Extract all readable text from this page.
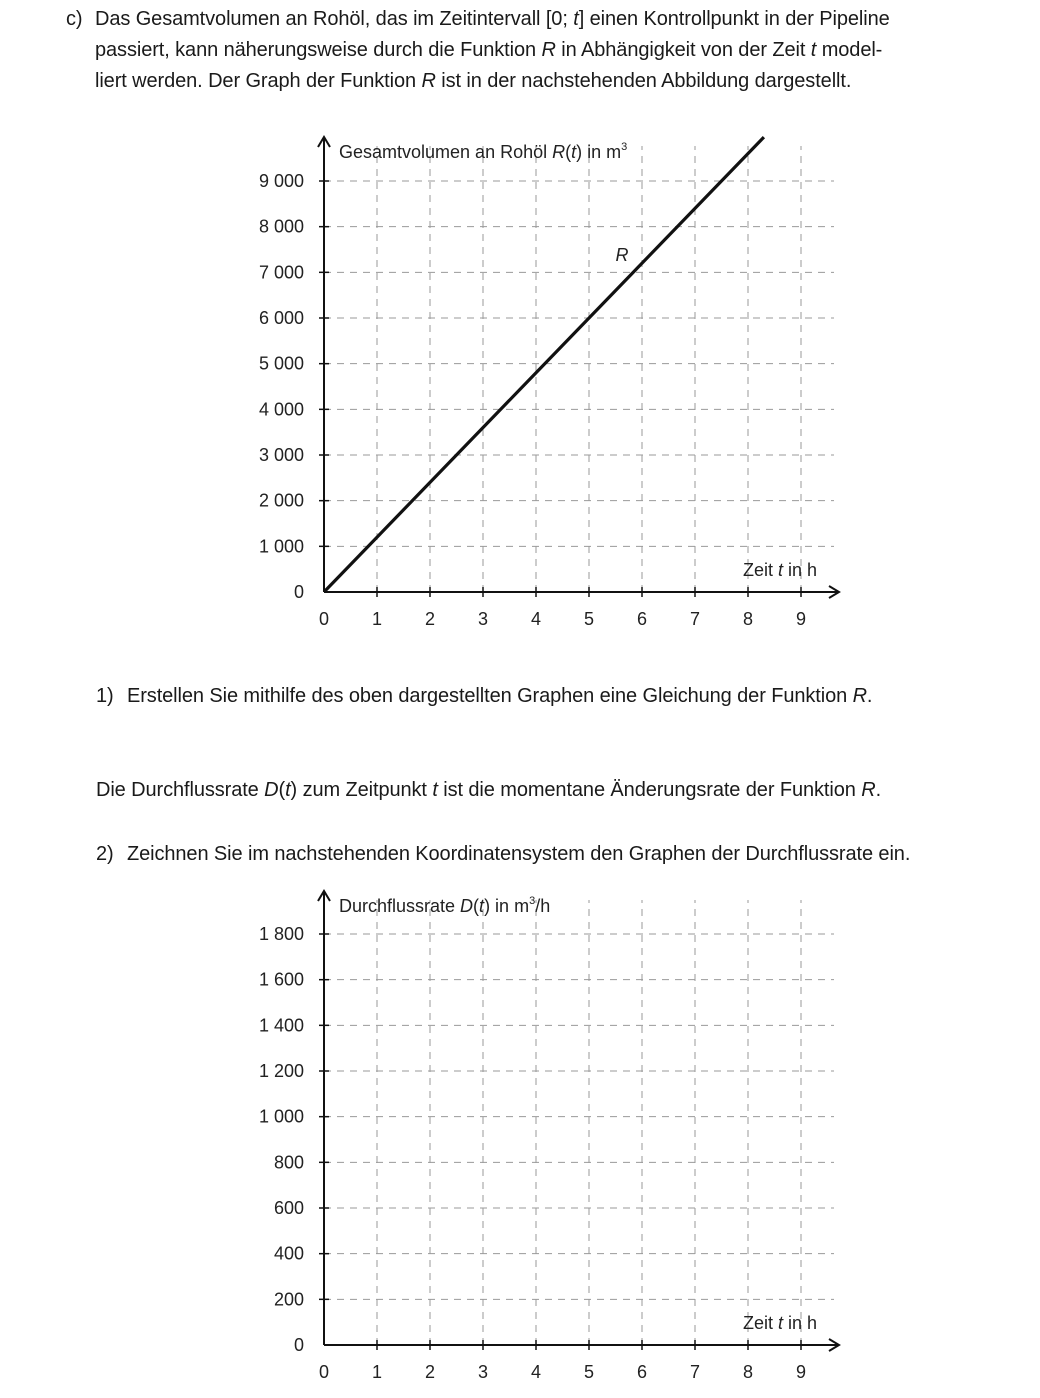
c) Das Gesamtvolumen an Rohöl, das im Zeitintervall [0; t] einen Kontrollpunkt in der Pipeline
passiert, kann näherungsweise durch die Funktion R in Abhängigkeit von der Zeit t model-
liert werden. Der Graph der Funktion R ist in der nachstehenden Abbildung dargestellt.
0 1 2 3 4 5 6 7 8 9
0
1 000
2 000
3 000
4 000
5 000
6 000
7 000
8 000
9 000
Gesamtvolumen an Rohöl R(t) in $m^3$
Zeit t in h
R
1) Erstellen Sie mithilfe des oben dargestellten Graphen eine Gleichung der Funktion R.
Die Durchflussrate D(t) zum Zeitpunkt t ist die momentane Änderungsrate der Funktion R.
2) Zeichnen Sie im nachstehenden Koordinatensystem den Graphen der Durchflussrate ein.
0 1 2 3 4 5 6 7 8 9
0
200
400
600
800
1 000
1 200
1 400
1 600
1 800
Durchflussrate D(t) in $m^3/h$
Zeit t in h
